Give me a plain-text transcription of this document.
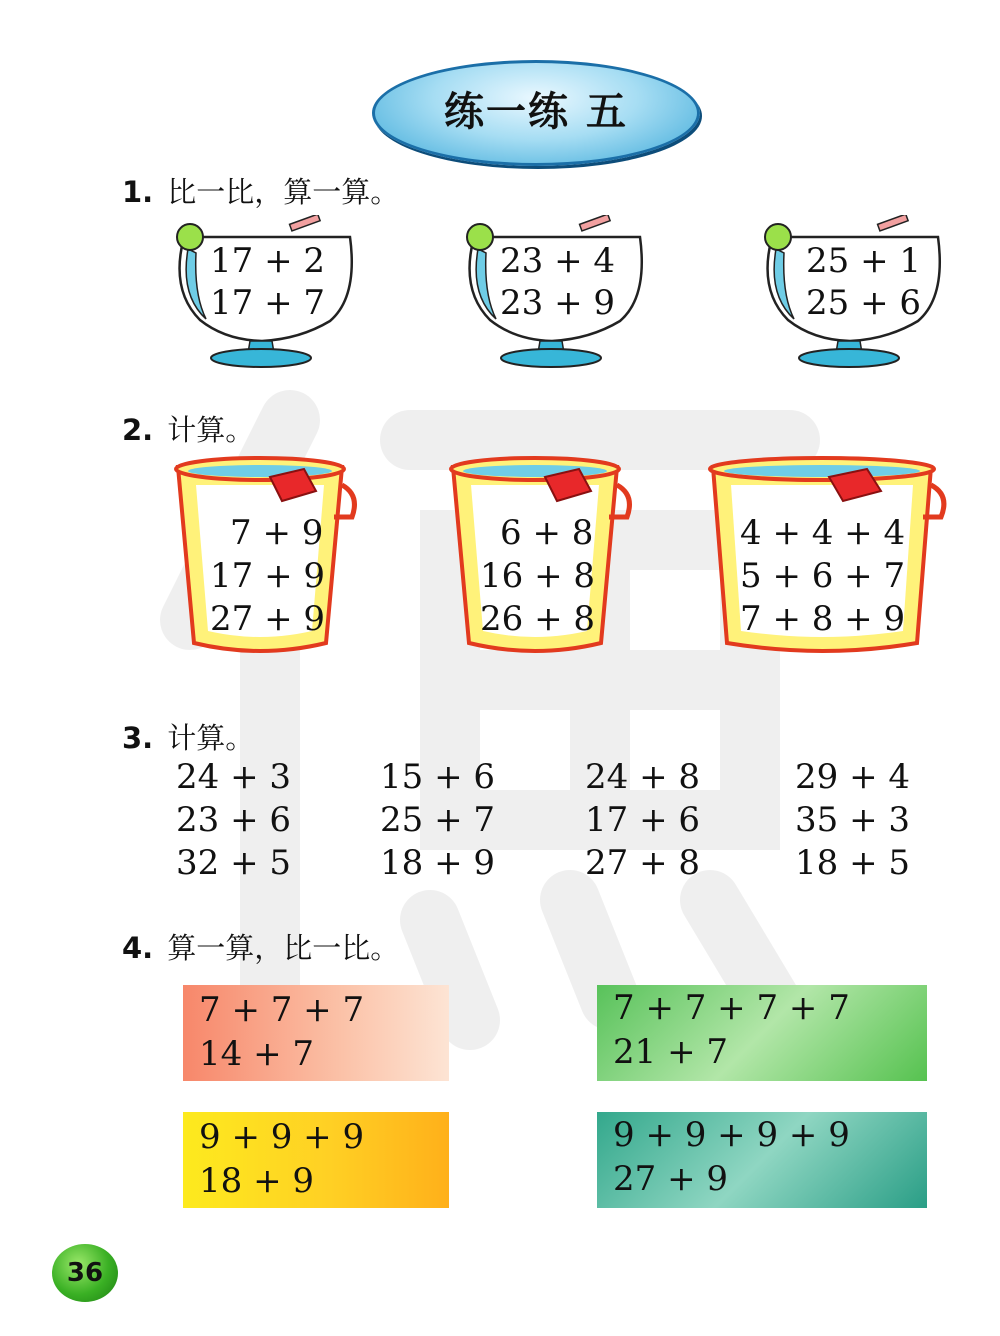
练一练 五
1. 比一比，算一算。
17 + 2
17 + 7
23 + 4
23 + 9
25 + 1
25 + 6
2. 计算。
7 + 9
17 + 9
27 + 9
6 + 8
16 + 8
26 + 8
4 + 4 + 4
5 + 6 + 7
7 + 8 + 9
3. 计算。
24 + 3
23 + 6
32 + 5
15 + 6
25 + 7
18 + 9
24 + 8
17 + 6
27 + 8
29 + 4
35 + 3
18 + 5
4. 算一算，比一比。
7 + 7 + 7
14 + 7
7 + 7 + 7 + 7
21 + 7
9 + 9 + 9
18 + 9
9 + 9 + 9 + 9
27 + 9
36
